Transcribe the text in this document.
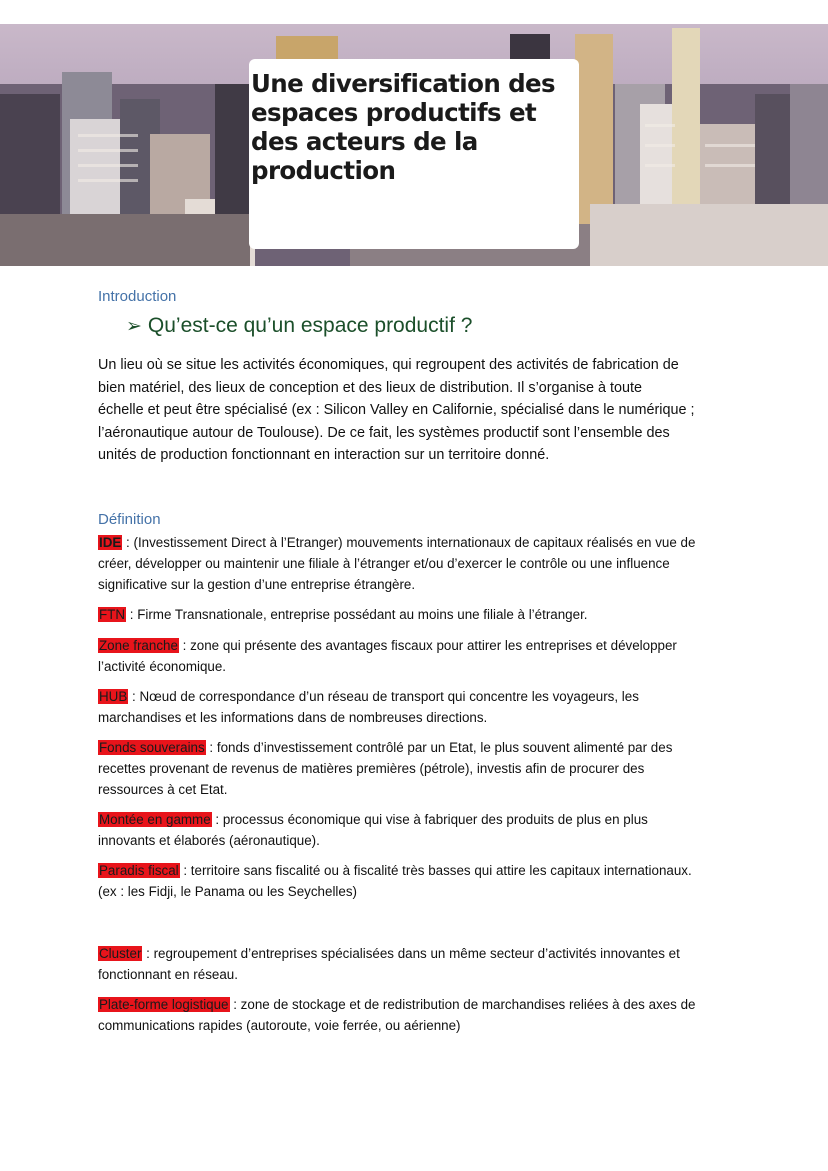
Une diversification des
espaces productifs et
des acteurs de la
production
Introduction
➢ Qu’est-ce qu’un espace productif ?
Un lieu où se situe les activités économiques, qui regroupent des activités de fabrication de
bien matériel, des lieux de conception et des lieux de distribution. Il s’organise à toute
échelle et peut être spécialisé (ex : Silicon Valley en Californie, spécialisé dans le numérique ;
l’aéronautique autour de Toulouse). De ce fait, les systèmes productif sont l’ensemble des
unités de production fonctionnant en interaction sur un territoire donné.
Définition
IDE : (Investissement Direct à l’Etranger) mouvements internationaux de capitaux réalisés en vue de
créer, développer ou maintenir une filiale à l’étranger et/ou d’exercer le contrôle ou une influence
significative sur la gestion d’une entreprise étrangère.
FTN : Firme Transnationale, entreprise possédant au moins une filiale à l’étranger.
Zone franche : zone qui présente des avantages fiscaux pour attirer les entreprises et développer
l’activité économique.
HUB : Nœud de correspondance d’un réseau de transport qui concentre les voyageurs, les
marchandises et les informations dans de nombreuses directions.
Fonds souverains : fonds d’investissement contrôlé par un Etat, le plus souvent alimenté par des
recettes provenant de revenus de matières premières (pétrole), investis afin de procurer des
ressources à cet Etat.
Montée en gamme : processus économique qui vise à fabriquer des produits de plus en plus
innovants et élaborés (aéronautique).
Paradis fiscal : territoire sans fiscalité ou à fiscalité très basses qui attire les capitaux internationaux.
(ex : les Fidji, le Panama ou les Seychelles)
Cluster : regroupement d’entreprises spécialisées dans un même secteur d’activités innovantes et
fonctionnant en réseau.
Plate-forme logistique : zone de stockage et de redistribution de marchandises reliées à des axes de
communications rapides (autoroute, voie ferrée, ou aérienne)
